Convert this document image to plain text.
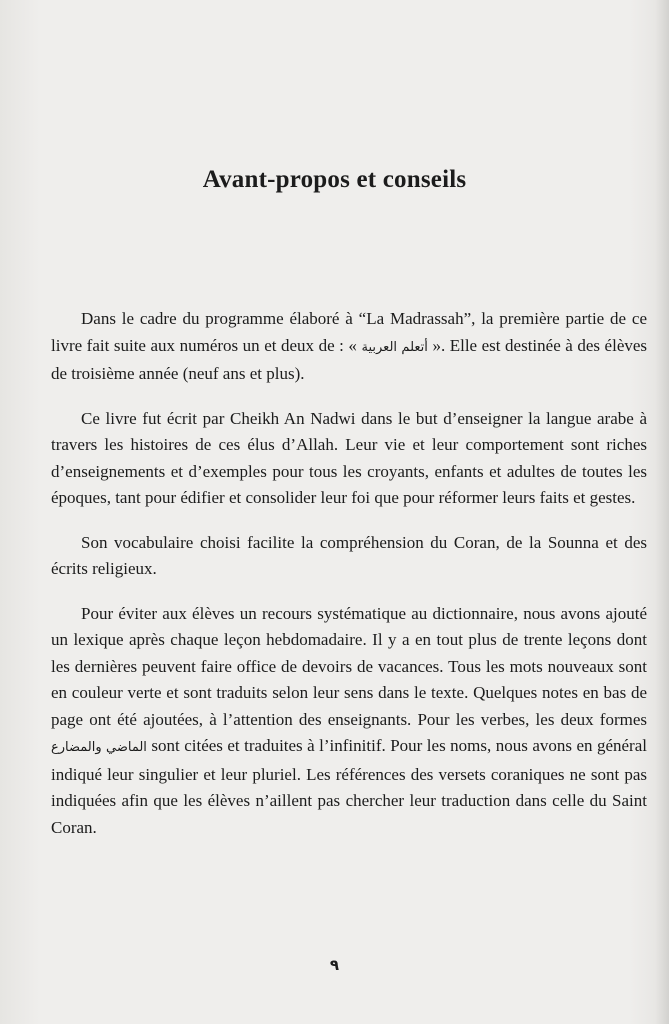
Avant-propos et conseils

Dans le cadre du programme élaboré à “La Madrassah”, la première partie de ce livre fait suite aux numéros un et deux de : « أتعلم العربية ». Elle est destinée à des élèves de troisième année (neuf ans et plus).

Ce livre fut écrit par Cheikh An Nadwi dans le but d’enseigner la langue arabe à travers les histoires de ces élus d’Allah. Leur vie et leur comportement sont riches d’enseignements et d’exemples pour tous les croyants, enfants et adultes de toutes les époques, tant pour édifier et consolider leur foi que pour réformer leurs faits et gestes.

Son vocabulaire choisi facilite la compréhension du Coran, de la Sounna et des écrits religieux.

Pour éviter aux élèves un recours systématique au dictionnaire, nous avons ajouté un lexique après chaque leçon hebdomadaire. Il y a en tout plus de trente leçons dont les dernières peuvent faire office de devoirs de vacances. Tous les mots nouveaux sont en couleur verte et sont traduits selon leur sens dans le texte. Quelques notes en bas de page ont été ajoutées, à l’attention des enseignants. Pour les verbes, les deux formes الماضي والمضارع sont citées et traduites à l’infinitif. Pour les noms, nous avons en général indiqué leur singulier et leur pluriel. Les références des versets coraniques ne sont pas indiquées afin que les élèves n’aillent pas chercher leur traduction dans celle du Saint Coran.

٩
